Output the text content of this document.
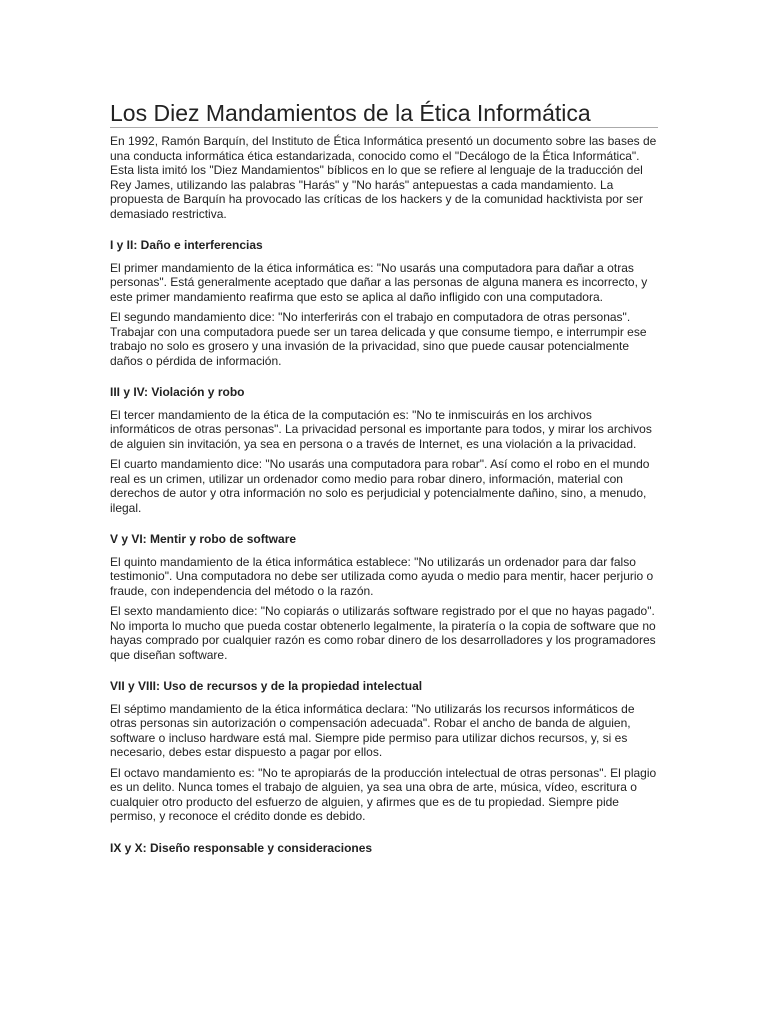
Los Diez Mandamientos de la Ética Informática

En 1992, Ramón Barquín, del Instituto de Ética Informática presentó un documento sobre las bases de una conducta informática ética estandarizada, conocido como el "Decálogo de la Ética Informática". Esta lista imitó los "Diez Mandamientos" bíblicos en lo que se refiere al lenguaje de la traducción del Rey James, utilizando las palabras "Harás" y "No harás" antepuestas a cada mandamiento. La propuesta de Barquín ha provocado las críticas de los hackers y de la comunidad hacktivista por ser demasiado restrictiva.

I y II: Daño e interferencias

El primer mandamiento de la ética informática es: "No usarás una computadora para dañar a otras personas". Está generalmente aceptado que dañar a las personas de alguna manera es incorrecto, y este primer mandamiento reafirma que esto se aplica al daño infligido con una computadora.

El segundo mandamiento dice: "No interferirás con el trabajo en computadora de otras personas". Trabajar con una computadora puede ser un tarea delicada y que consume tiempo, e interrumpir ese trabajo no solo es grosero y una invasión de la privacidad, sino que puede causar potencialmente daños o pérdida de información.

III y IV: Violación y robo

El tercer mandamiento de la ética de la computación es: "No te inmiscuirás en los archivos informáticos de otras personas". La privacidad personal es importante para todos, y mirar los archivos de alguien sin invitación, ya sea en persona o a través de Internet, es una violación a la privacidad.

El cuarto mandamiento dice: "No usarás una computadora para robar". Así como el robo en el mundo real es un crimen, utilizar un ordenador como medio para robar dinero, información, material con derechos de autor y otra información no solo es perjudicial y potencialmente dañino, sino, a menudo, ilegal.

V y VI: Mentir y robo de software

El quinto mandamiento de la ética informática establece: "No utilizarás un ordenador para dar falso testimonio". Una computadora no debe ser utilizada como ayuda o medio para mentir, hacer perjurio o fraude, con independencia del método o la razón.

El sexto mandamiento dice: "No copiarás o utilizarás software registrado por el que no hayas pagado". No importa lo mucho que pueda costar obtenerlo legalmente, la piratería o la copia de software que no hayas comprado por cualquier razón es como robar dinero de los desarrolladores y los programadores que diseñan software.

VII y VIII: Uso de recursos y de la propiedad intelectual

El séptimo mandamiento de la ética informática declara: "No utilizarás los recursos informáticos de otras personas sin autorización o compensación adecuada". Robar el ancho de banda de alguien, software o incluso hardware está mal. Siempre pide permiso para utilizar dichos recursos, y, si es necesario, debes estar dispuesto a pagar por ellos.

El octavo mandamiento es: "No te apropiarás de la producción intelectual de otras personas". El plagio es un delito. Nunca tomes el trabajo de alguien, ya sea una obra de arte, música, vídeo, escritura o cualquier otro producto del esfuerzo de alguien, y afirmes que es de tu propiedad. Siempre pide permiso, y reconoce el crédito donde es debido.

IX y X: Diseño responsable y consideraciones
